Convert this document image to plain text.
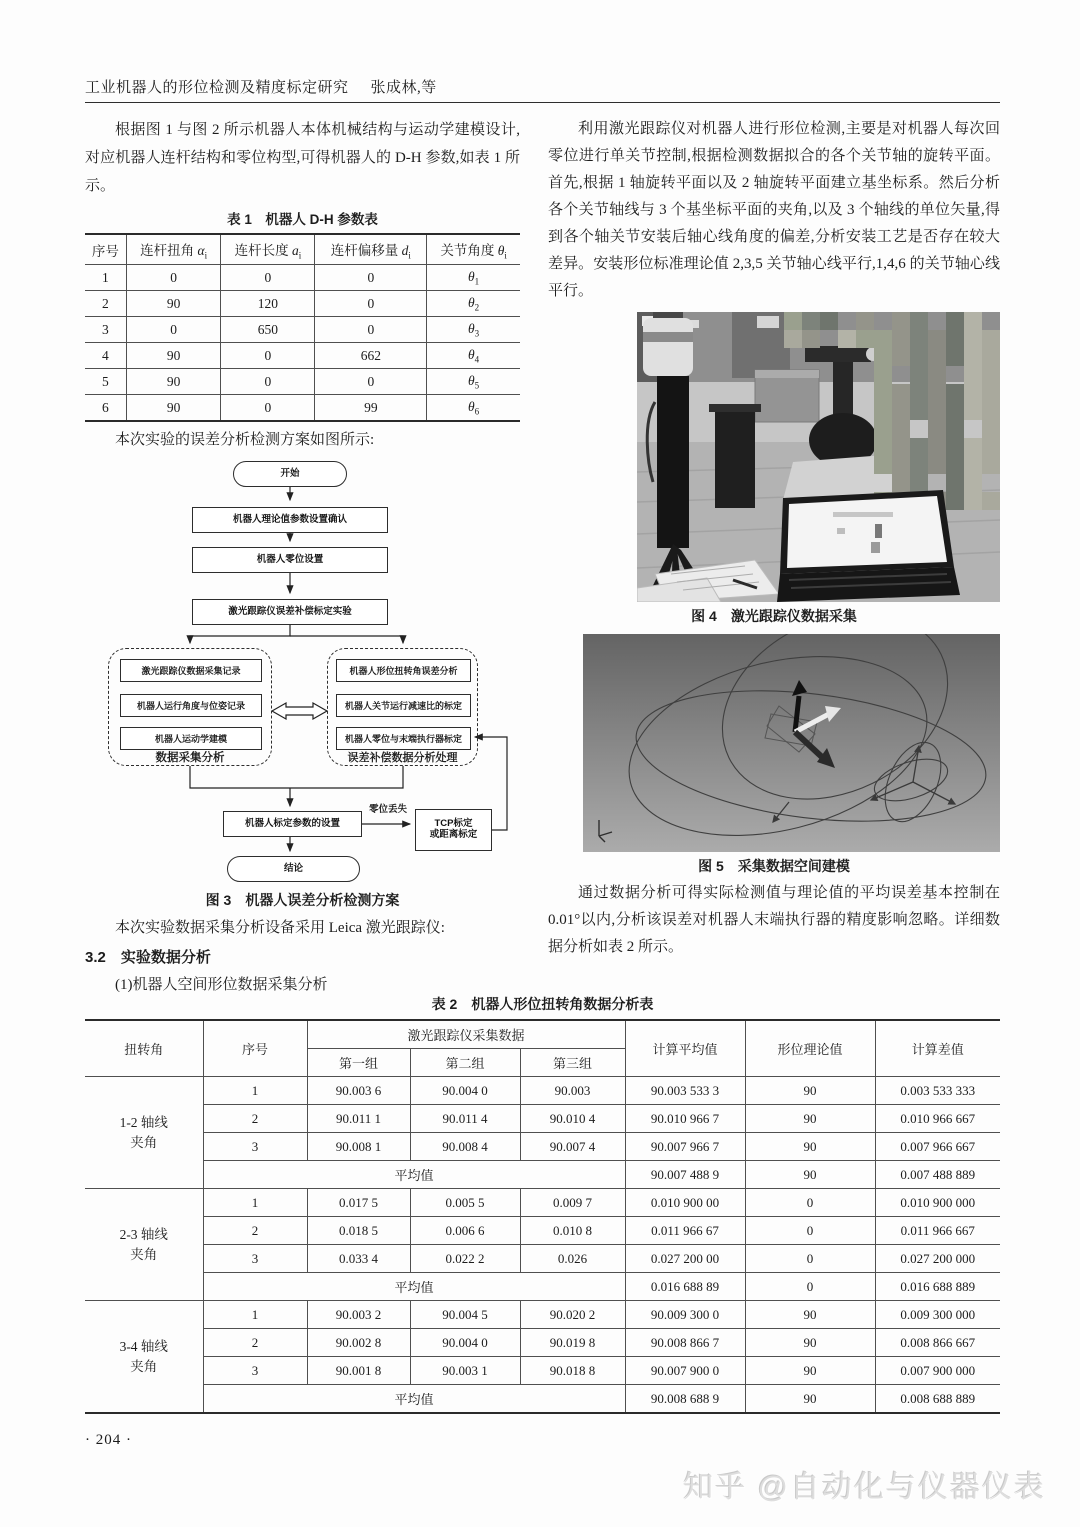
工业机器人的形位检测及精度标定研究 张成林,等

根据图 1 与图 2 所示机器人本体机械结构与运动学建模设计,对应机器人连杆结构和零位构型,可得机器人的 D-H 参数,如表 1 所示。

表 1　机器人 D-H 参数表
序号	连杆扭角 $\alpha_i$	连杆长度 $a_i$	连杆偏移量 $d_i$	关节角度 $\theta_i$
1	0	0	0	$\theta_1$
2	90	120	0	$\theta_2$
3	0	650	0	$\theta_3$
4	90	0	662	$\theta_4$
5	90	0	0	$\theta_5$
6	90	0	99	$\theta_6$

本次实验的误差分析检测方案如图所示:

开始
机器人理论值参数设置确认
机器人零位设置
激光跟踪仪误差补偿标定实验
激光跟踪仪数据采集记录
机器人运行角度与位姿记录
机器人运动学建模
数据采集分析
机器人形位扭转角误差分析
机器人关节运行减速比的标定
机器人零位与末端执行器标定
误差补偿数据分析处理
机器人标定参数的设置
零位丢失
TCP标定
或距离标定
结论
图 3　机器人误差分析检测方案

本次实验数据采集分析设备采用 Leica 激光跟踪仪:

3.2　实验数据分析

(1)机器人空间形位数据采集分析

利用激光跟踪仪对机器人进行形位检测,主要是对机器人每次回零位进行单关节控制,根据检测数据拟合的各个关节轴的旋转平面。首先,根据 1 轴旋转平面以及 2 轴旋转平面建立基坐标系。然后分析各个关节轴线与 3 个基坐标平面的夹角,以及 3 个轴线的单位矢量,得到各个轴关节安装后轴心线角度的偏差,分析安装工艺是否存在较大差异。安装形位标准理论值 2,3,5 关节轴心线平行,1,4,6 的关节轴心线平行。

图 4　激光跟踪仪数据采集
图 5　采集数据空间建模

通过数据分析可得实际检测值与理论值的平均误差基本控制在 0.01°以内,分析该误差对机器人末端执行器的精度影响忽略。详细数据分析如表 2 所示。

表 2　机器人形位扭转角数据分析表
扭转角	序号	激光跟踪仪采集数据			计算平均值	形位理论值	计算差值
		第一组	第二组	第三组			

1-2 轴线
夹角	1	90.003 6	90.004 0	90.003	90.003 533 3	90	0.003 533 333
	2	90.011 1	90.011 4	90.010 4	90.010 966 7	90	0.010 966 667
	3	90.008 1	90.008 4	90.007 4	90.007 966 7	90	0.007 966 667
	平均值				90.007 488 9	90	0.007 488 889

2-3 轴线
夹角	1	0.017 5	0.005 5	0.009 7	0.010 900 00	0	0.010 900 000
	2	0.018 5	0.006 6	0.010 8	0.011 966 67	0	0.011 966 667
	3	0.033 4	0.022 2	0.026	0.027 200 00	0	0.027 200 000
	平均值				0.016 688 89	0	0.016 688 889

3-4 轴线
夹角	1	90.003 2	90.004 5	90.020 2	90.009 300 0	90	0.009 300 000
	2	90.002 8	90.004 0	90.019 8	90.008 866 7	90	0.008 866 667
	3	90.001 8	90.003 1	90.018 8	90.007 900 0	90	0.007 900 000
	平均值				90.008 688 9	90	0.008 688 889
· 204 ·
知乎 @自动化与仪器仪表
